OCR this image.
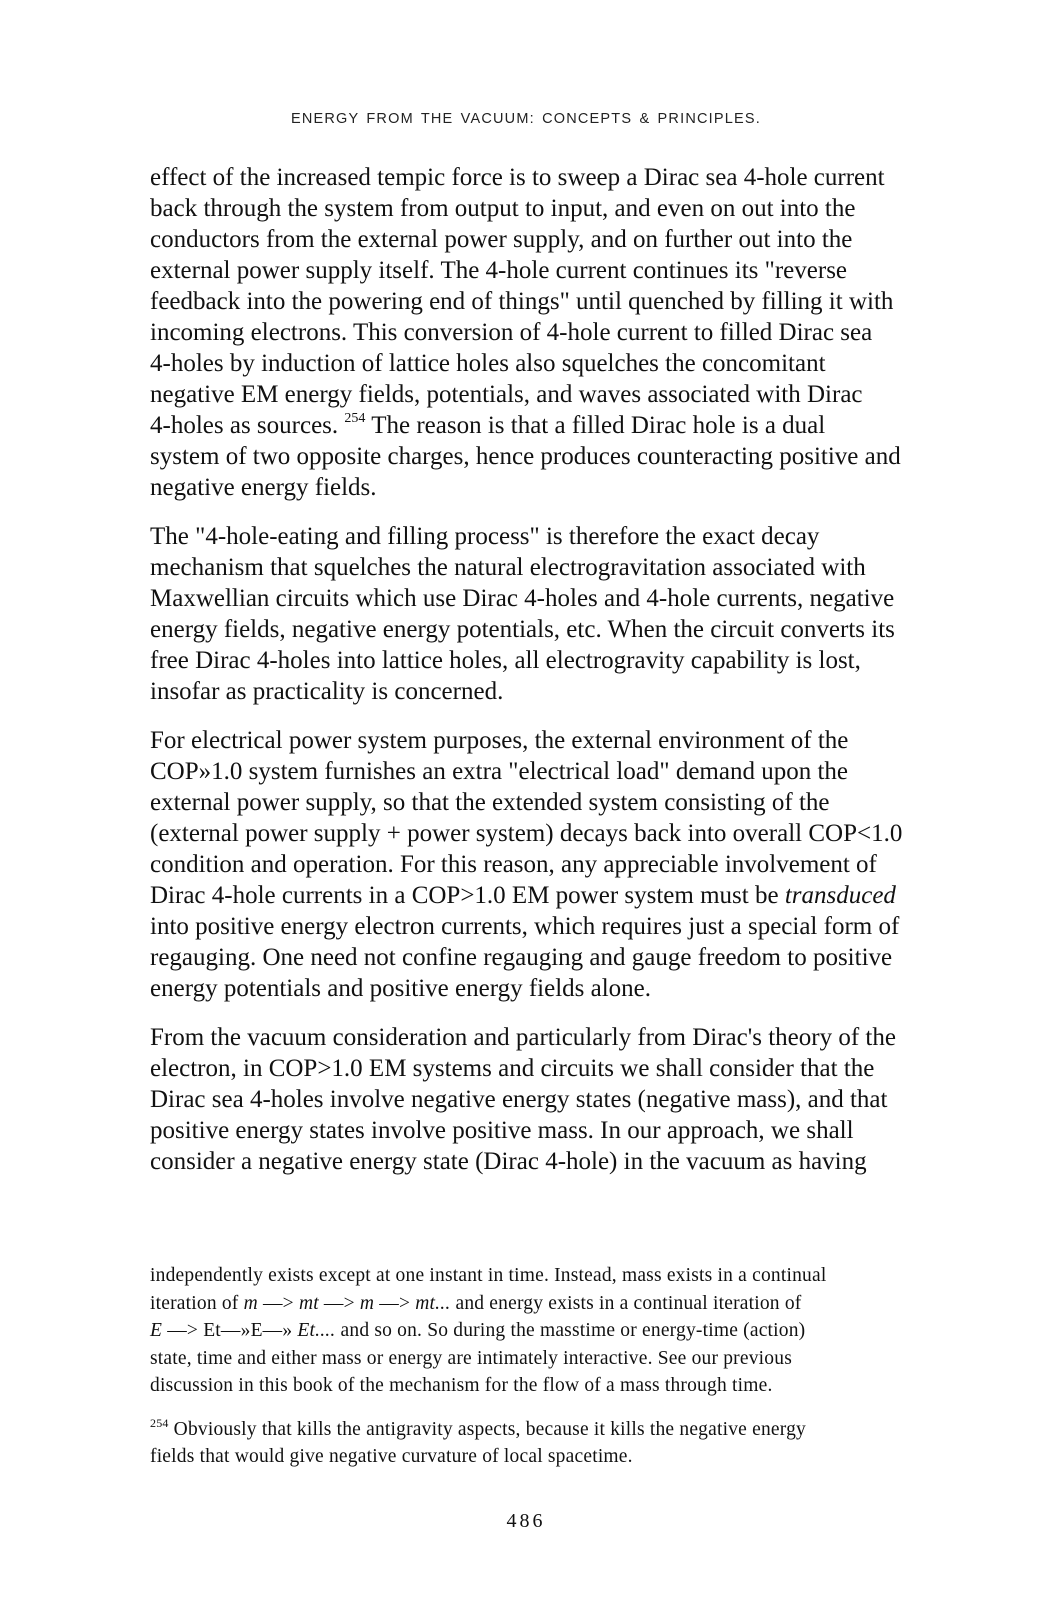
ENERGY FROM THE VACUUM: CONCEPTS & PRINCIPLES.

effect of the increased tempic force is to sweep a Dirac sea 4-hole current
back through the system from output to input, and even on out into the
conductors from the external power supply, and on further out into the
external power supply itself. The 4-hole current continues its "reverse
feedback into the powering end of things" until quenched by filling it with
incoming electrons. This conversion of 4-hole current to filled Dirac sea
4-holes by induction of lattice holes also squelches the concomitant
negative EM energy fields, potentials, and waves associated with Dirac
4-holes as sources. $^{254}$ The reason is that a filled Dirac hole is a dual
system of two opposite charges, hence produces counteracting positive and
negative energy fields.

The "4-hole-eating and filling process" is therefore the exact decay
mechanism that squelches the natural electrogravitation associated with
Maxwellian circuits which use Dirac 4-holes and 4-hole currents, negative
energy fields, negative energy potentials, etc. When the circuit converts its
free Dirac 4-holes into lattice holes, all electrogravity capability is lost,
insofar as practicality is concerned.

For electrical power system purposes, the external environment of the
COP»1.0 system furnishes an extra "electrical load" demand upon the
external power supply, so that the extended system consisting of the
(external power supply + power system) decays back into overall COP<1.0
condition and operation. For this reason, any appreciable involvement of
Dirac 4-hole currents in a COP>1.0 EM power system must be transduced
into positive energy electron currents, which requires just a special form of
regauging. One need not confine regauging and gauge freedom to positive
energy potentials and positive energy fields alone.

From the vacuum consideration and particularly from Dirac's theory of the
electron, in COP>1.0 EM systems and circuits we shall consider that the
Dirac sea 4-holes involve negative energy states (negative mass), and that
positive energy states involve positive mass. In our approach, we shall
consider a negative energy state (Dirac 4-hole) in the vacuum as having

independently exists except at one instant in time. Instead, mass exists in a continual
iteration of m —> mt —> m —> mt... and energy exists in a continual iteration of
E —> Et—»E—» Et.... and so on. So during the masstime or energy-time (action)
state, time and either mass or energy are intimately interactive. See our previous
discussion in this book of the mechanism for the flow of a mass through time.

$^{254}$ Obviously that kills the antigravity aspects, because it kills the negative energy
fields that would give negative curvature of local spacetime.

486
